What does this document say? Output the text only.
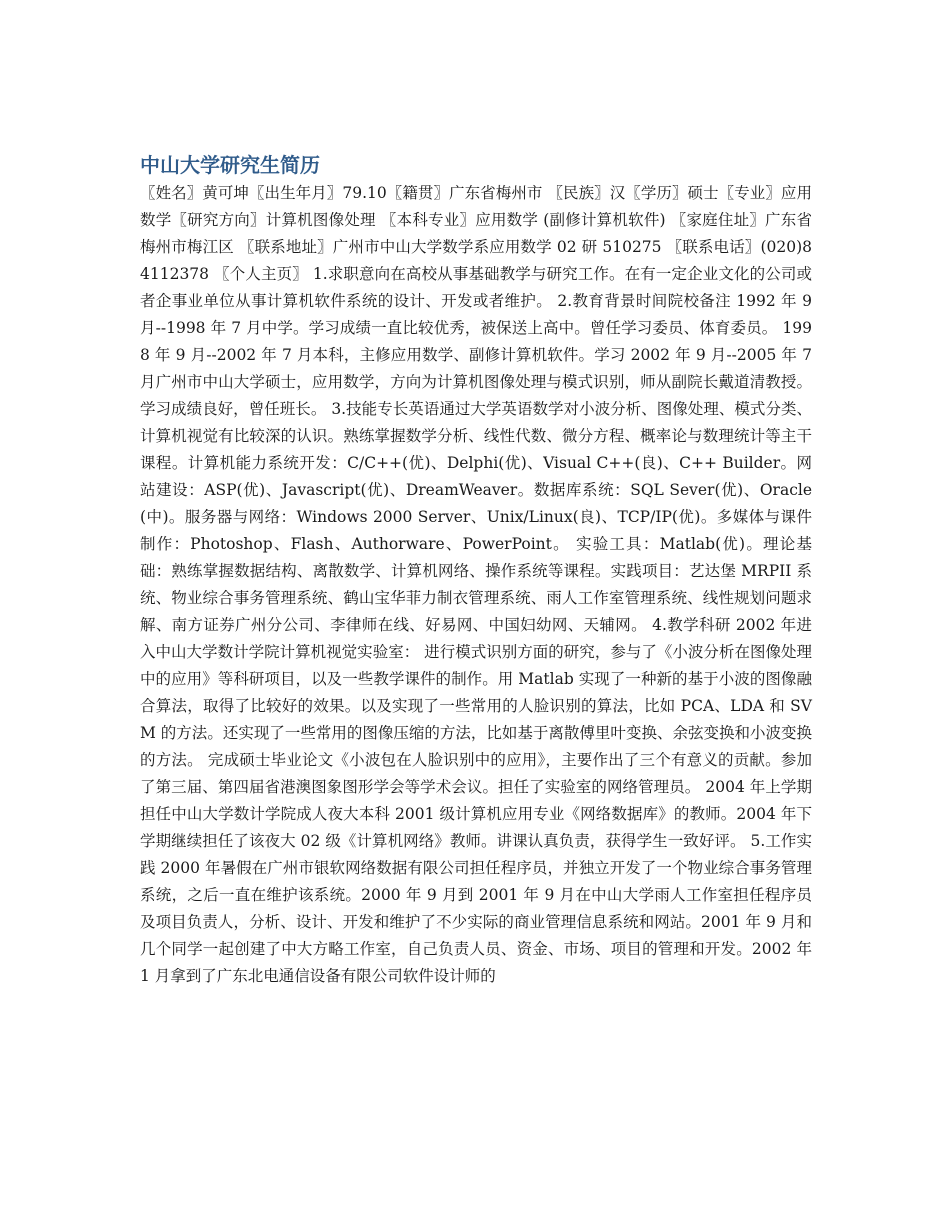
中山大学研究生简历

〖姓名〗黄可坤〖出生年月〗79.10〖籍贯〗广东省梅州市 〖民族〗汉〖学历〗硕士〖专业〗应用数学〖研究方向〗计算机图像处理 〖本科专业〗应用数学 (副修计算机软件) 〖家庭住址〗广东省梅州市梅江区 〖联系地址〗广州市中山大学数学系应用数学 02 研 510275 〖联系电话〗(020)84112378 〖个人主页〗 1.求职意向在高校从事基础教学与研究工作。在有一定企业文化的公司或者企事业单位从事计算机软件系统的设计、开发或者维护。 2.教育背景时间院校备注 1992 年 9 月--1998 年 7 月中学。学习成绩一直比较优秀，被保送上高中。曾任学习委员、体育委员。 1998 年 9 月--2002 年 7 月本科，主修应用数学、副修计算机软件。学习 2002 年 9 月--2005 年 7 月广州市中山大学硕士，应用数学，方向为计算机图像处理与模式识别，师从副院长戴道清教授。学习成绩良好，曾任班长。 3.技能专长英语通过大学英语数学对小波分析、图像处理、模式分类、计算机视觉有比较深的认识。熟练掌握数学分析、线性代数、微分方程、概率论与数理统计等主干课程。计算机能力系统开发：C/C++(优)、Delphi(优)、Visual C++(良)、C++ Builder。网站建设：ASP(优)、Javascript(优)、DreamWeaver。数据库系统：SQL Sever(优)、Oracle(中)。服务器与网络：Windows 2000 Server、Unix/Linux(良)、TCP/IP(优)。多媒体与课件制作：Photoshop、Flash、Authorware、PowerPoint。 实验工具：Matlab(优)。理论基础：熟练掌握数据结构、离散数学、计算机网络、操作系统等课程。实践项目：艺达堡 MRPII 系统、物业综合事务管理系统、鹤山宝华菲力制衣管理系统、雨人工作室管理系统、线性规划问题求解、南方证券广州分公司、李律师在线、好易网、中国妇幼网、天辅网。 4.教学科研 2002 年进入中山大学数计学院计算机视觉实验室： 进行模式识别方面的研究，参与了《小波分析在图像处理中的应用》等科研项目，以及一些教学课件的制作。用 Matlab 实现了一种新的基于小波的图像融合算法，取得了比较好的效果。以及实现了一些常用的人脸识别的算法，比如 PCA、LDA 和 SVM 的方法。还实现了一些常用的图像压缩的方法，比如基于离散傅里叶变换、余弦变换和小波变换的方法。 完成硕士毕业论文《小波包在人脸识别中的应用》，主要作出了三个有意义的贡献。参加了第三届、第四届省港澳图象图形学会等学术会议。担任了实验室的网络管理员。 2004 年上学期担任中山大学数计学院成人夜大本科 2001 级计算机应用专业《网络数据库》的教师。2004 年下学期继续担任了该夜大 02 级《计算机网络》教师。讲课认真负责，获得学生一致好评。 5.工作实践 2000 年暑假在广州市银软网络数据有限公司担任程序员，并独立开发了一个物业综合事务管理系统，之后一直在维护该系统。2000 年 9 月到 2001 年 9 月在中山大学雨人工作室担任程序员及项目负责人，分析、设计、开发和维护了不少实际的商业管理信息系统和网站。2001 年 9 月和几个同学一起创建了中大方略工作室，自己负责人员、资金、市场、项目的管理和开发。2002 年 1 月拿到了广东北电通信设备有限公司软件设计师的
